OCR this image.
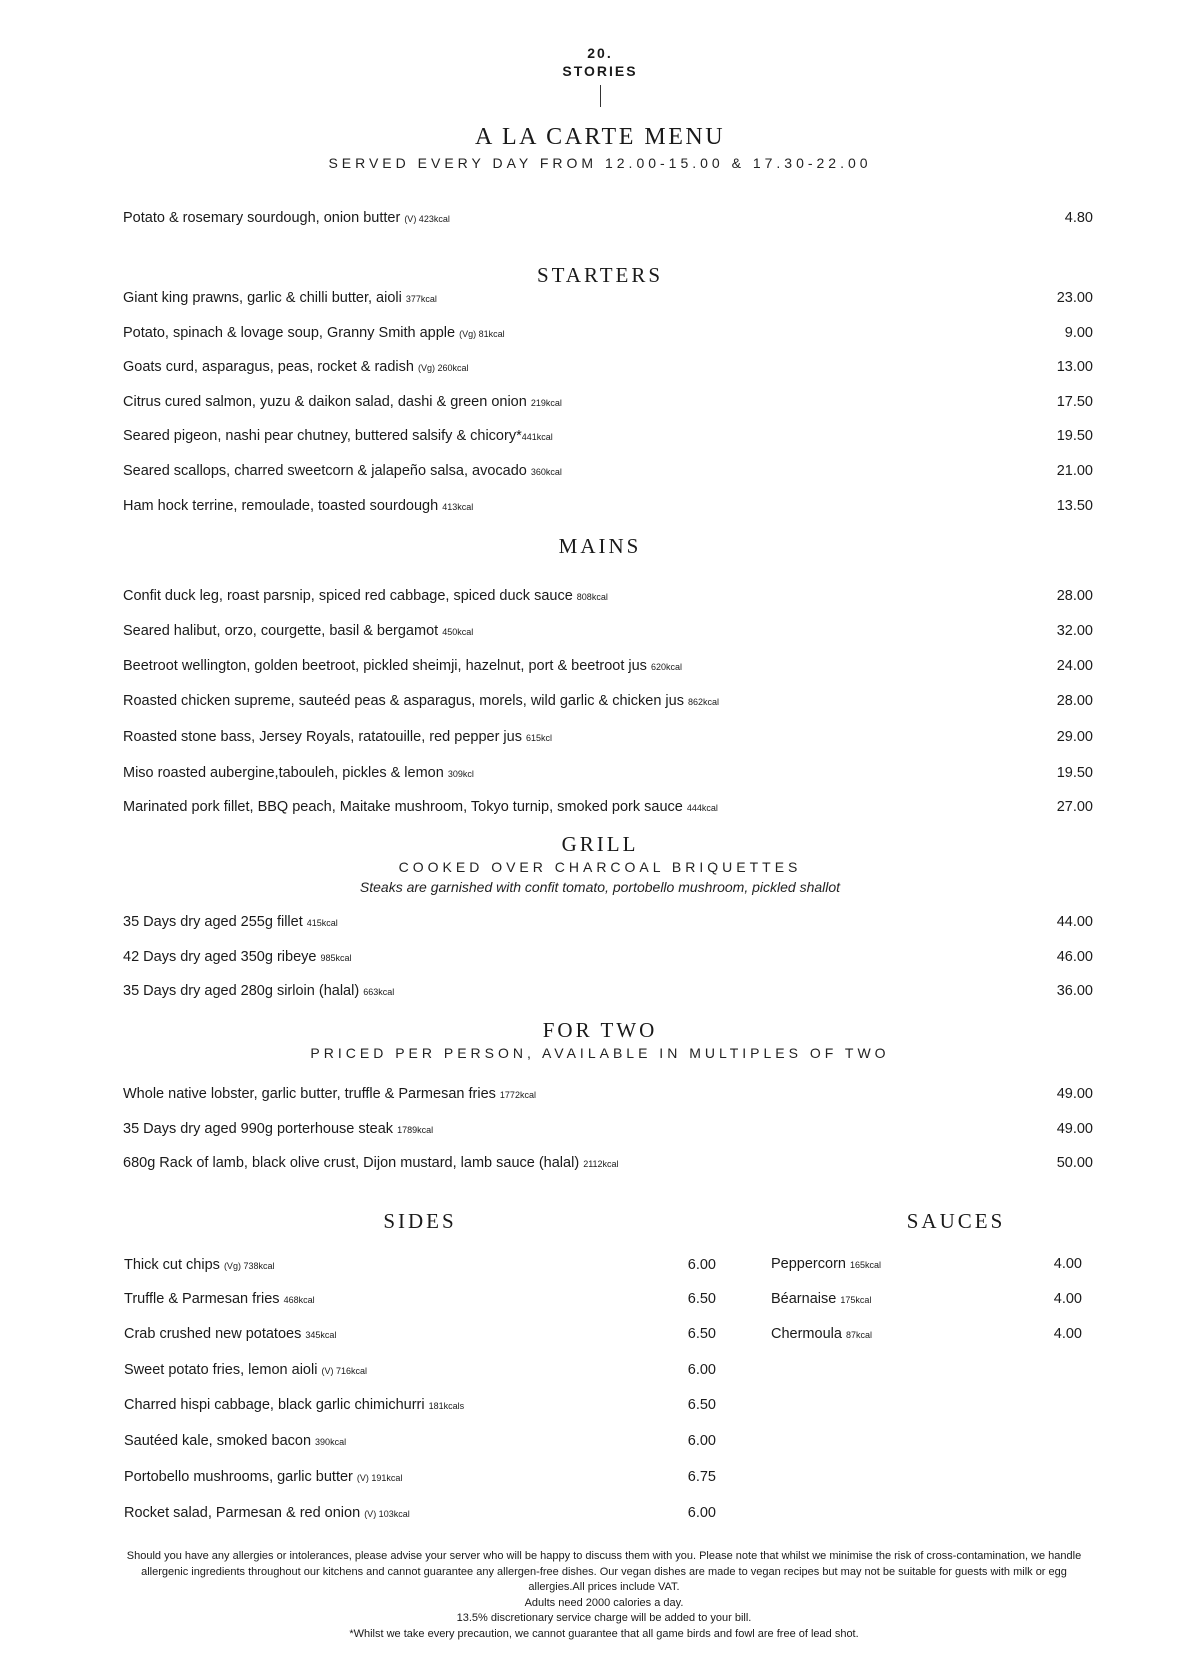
20.
STORIES
A LA CARTE MENU
SERVED EVERY DAY FROM 12.00-15.00 & 17.30-22.00
Potato & rosemary sourdough, onion butter (V) 423kcal	4.80
STARTERS
Giant king prawns, garlic & chilli butter, aioli 377kcal	23.00
Potato, spinach & lovage soup, Granny Smith apple (Vg) 81kcal	9.00
Goats curd, asparagus, peas, rocket & radish (Vg) 260kcal	13.00
Citrus cured salmon, yuzu & daikon salad, dashi & green onion 219kcal	17.50
Seared pigeon, nashi pear chutney, buttered salsify & chicory*441kcal	19.50
Seared scallops, charred sweetcorn & jalapeño salsa, avocado 360kcal	21.00
Ham hock terrine, remoulade, toasted sourdough 413kcal	13.50
MAINS
Confit duck leg, roast parsnip, spiced red cabbage, spiced duck sauce 808kcal	28.00
Seared halibut, orzo, courgette, basil & bergamot 450kcal	32.00
Beetroot wellington, golden beetroot, pickled sheimji, hazelnut, port & beetroot jus 620kcal	24.00
Roasted chicken supreme, sauteéd peas & asparagus, morels, wild garlic & chicken jus 862kcal	28.00
Roasted stone bass, Jersey Royals, ratatouille, red pepper jus 615kcl	29.00
Miso roasted aubergine,tabouleh, pickles & lemon 309kcl	19.50
Marinated pork fillet, BBQ peach, Maitake mushroom, Tokyo turnip, smoked pork sauce 444kcal	27.00
GRILL
COOKED OVER CHARCOAL BRIQUETTES
Steaks are garnished with confit tomato, portobello mushroom, pickled shallot
35 Days dry aged 255g fillet 415kcal	44.00
42 Days dry aged 350g ribeye 985kcal	46.00
35 Days dry aged 280g sirloin (halal) 663kcal	36.00
FOR TWO
PRICED PER PERSON, AVAILABLE IN MULTIPLES OF TWO
Whole native lobster, garlic butter, truffle & Parmesan fries 1772kcal	49.00
35 Days dry aged 990g porterhouse steak 1789kcal	49.00
680g Rack of lamb, black olive crust, Dijon mustard, lamb sauce (halal) 2112kcal	50.00
SIDES
Thick cut chips (Vg) 738kcal	6.00
Truffle & Parmesan fries 468kcal	6.50
Crab crushed new potatoes 345kcal	6.50
Sweet potato fries, lemon aioli (V) 716kcal	6.00
Charred hispi cabbage, black garlic chimichurri 181kcals	6.50
Sautéed kale, smoked bacon 390kcal	6.00
Portobello mushrooms, garlic butter (V) 191kcal	6.75
Rocket salad, Parmesan & red onion (V) 103kcal	6.00
SAUCES
Peppercorn 165kcal	4.00
Béarnaise 175kcal	4.00
Chermoula 87kcal	4.00
Should you have any allergies or intolerances, please advise your server who will be happy to discuss them with you. Please note that whilst we minimise the risk of cross-contamination, we handle allergenic ingredients throughout our kitchens and cannot guarantee any allergen-free dishes. Our vegan dishes are made to vegan recipes but may not be suitable for guests with milk or egg allergies.All prices include VAT.
Adults need 2000 calories a day.
13.5% discretionary service charge will be added to your bill.
*Whilst we take every precaution, we cannot guarantee that all game birds and fowl are free of lead shot.
